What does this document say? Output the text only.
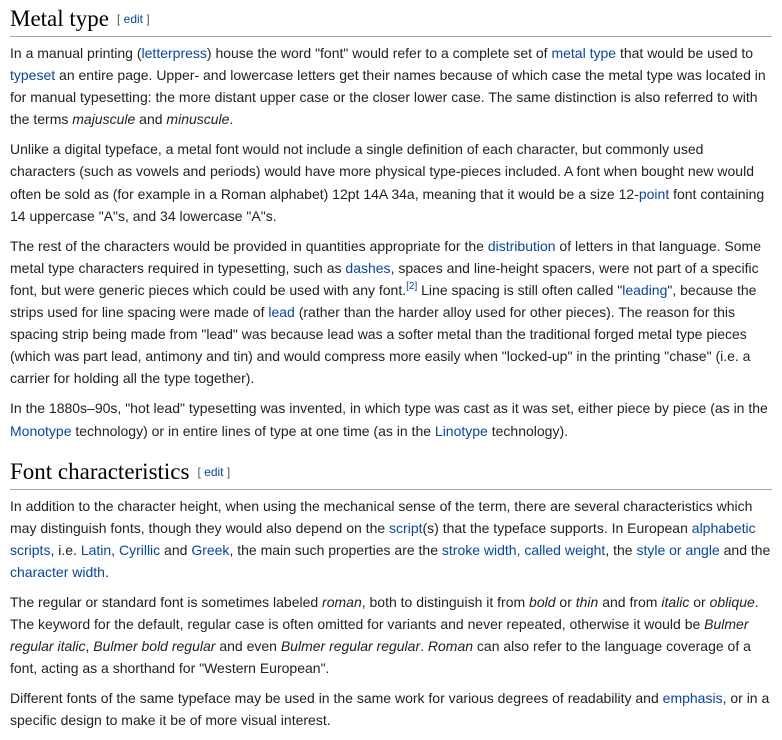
Metal type [ edit ]

In a manual printing (letterpress) house the word "font" would refer to a complete set of metal type that would be used to typeset an entire page. Upper- and lowercase letters get their names because of which case the metal type was located in for manual typesetting: the more distant upper case or the closer lower case. The same distinction is also referred to with the terms majuscule and minuscule.

Unlike a digital typeface, a metal font would not include a single definition of each character, but commonly used characters (such as vowels and periods) would have more physical type-pieces included. A font when bought new would often be sold as (for example in a Roman alphabet) 12pt 14A 34a, meaning that it would be a size 12-point font containing 14 uppercase "A"s, and 34 lowercase "A"s.

The rest of the characters would be provided in quantities appropriate for the distribution of letters in that language. Some metal type characters required in typesetting, such as dashes, spaces and line-height spacers, were not part of a specific font, but were generic pieces which could be used with any font.[2] Line spacing is still often called "leading", because the strips used for line spacing were made of lead (rather than the harder alloy used for other pieces). The reason for this spacing strip being made from "lead" was because lead was a softer metal than the traditional forged metal type pieces (which was part lead, antimony and tin) and would compress more easily when "locked-up" in the printing "chase" (i.e. a carrier for holding all the type together).

In the 1880s–90s, "hot lead" typesetting was invented, in which type was cast as it was set, either piece by piece (as in the Monotype technology) or in entire lines of type at one time (as in the Linotype technology).

Font characteristics [ edit ]

In addition to the character height, when using the mechanical sense of the term, there are several characteristics which may distinguish fonts, though they would also depend on the script(s) that the typeface supports. In European alphabetic scripts, i.e. Latin, Cyrillic and Greek, the main such properties are the stroke width, called weight, the style or angle and the character width.

The regular or standard font is sometimes labeled roman, both to distinguish it from bold or thin and from italic or oblique. The keyword for the default, regular case is often omitted for variants and never repeated, otherwise it would be Bulmer regular italic, Bulmer bold regular and even Bulmer regular regular. Roman can also refer to the language coverage of a font, acting as a shorthand for "Western European".

Different fonts of the same typeface may be used in the same work for various degrees of readability and emphasis, or in a specific design to make it be of more visual interest.
